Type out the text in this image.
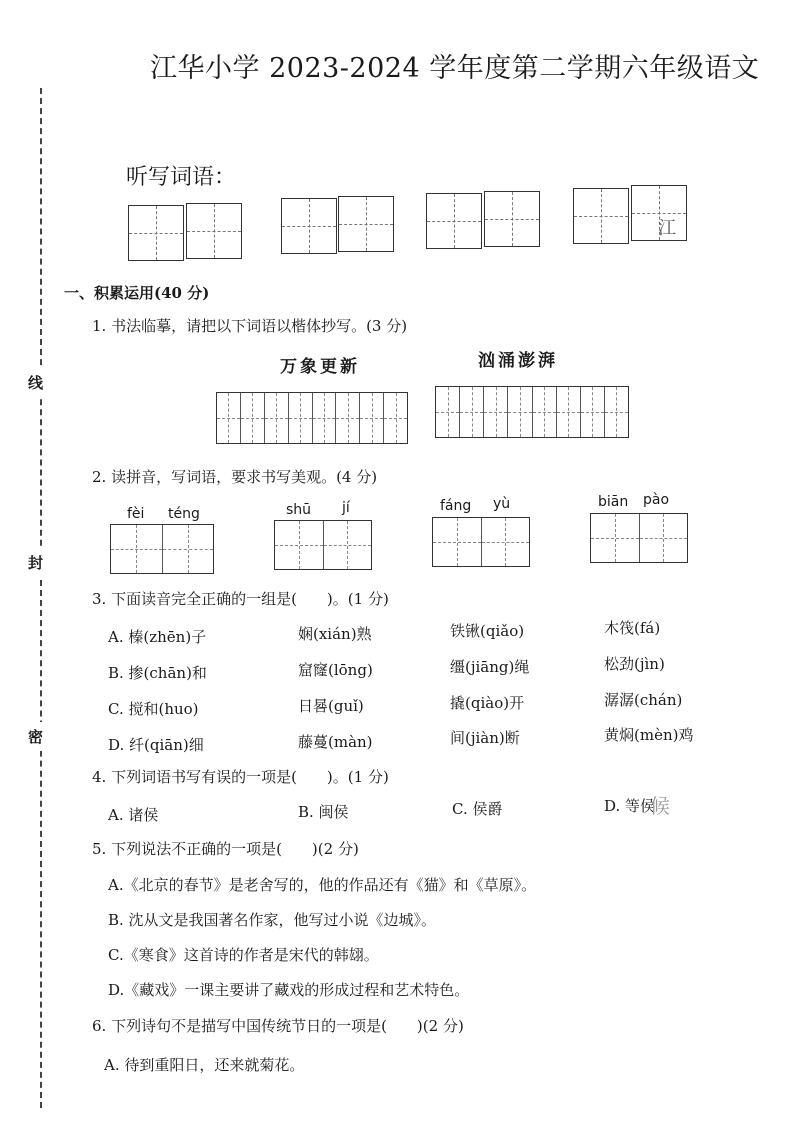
线
封
密
江华小学 2023-2024 学年度第二学期六年级语文
听写词语：
江
一、积累运用(40 分)
1. 书法临摹，请把以下词语以楷体抄写。(3 分)
万象更新	汹涌澎湃
2. 读拼音，写词语，要求书写美观。(4 分)
fèi téng	shū jí	fáng yù	biān pào
3. 下面读音完全正确的一组是(　　)。(1 分)
A. 榛(zhēn)子	娴(xián)熟	铁锹(qiǎo)	木筏(fá)
B. 掺(chān)和	窟窿(lōng)	缰(jiāng)绳	松劲(jìn)
C. 搅和(huo)	日晷(guǐ)	撬(qiào)开	潺潺(chán)
D. 纤(qiān)细	藤蔓(màn)	间(jiàn)断	黄焖(mèn)鸡
4. 下列词语书写有误的一项是(　　)。(1 分)
A. 诸侯	B. 闽侯	C. 侯爵	D. 等侯
候
5. 下列说法不正确的一项是(　　)(2 分)
A.《北京的春节》是老舍写的，他的作品还有《猫》和《草原》。
B. 沈从文是我国著名作家，他写过小说《边城》。
C.《寒食》这首诗的作者是宋代的韩翃。
D.《藏戏》一课主要讲了藏戏的形成过程和艺术特色。
6. 下列诗句不是描写中国传统节日的一项是(　　)(2 分)
A. 待到重阳日，还来就菊花。
